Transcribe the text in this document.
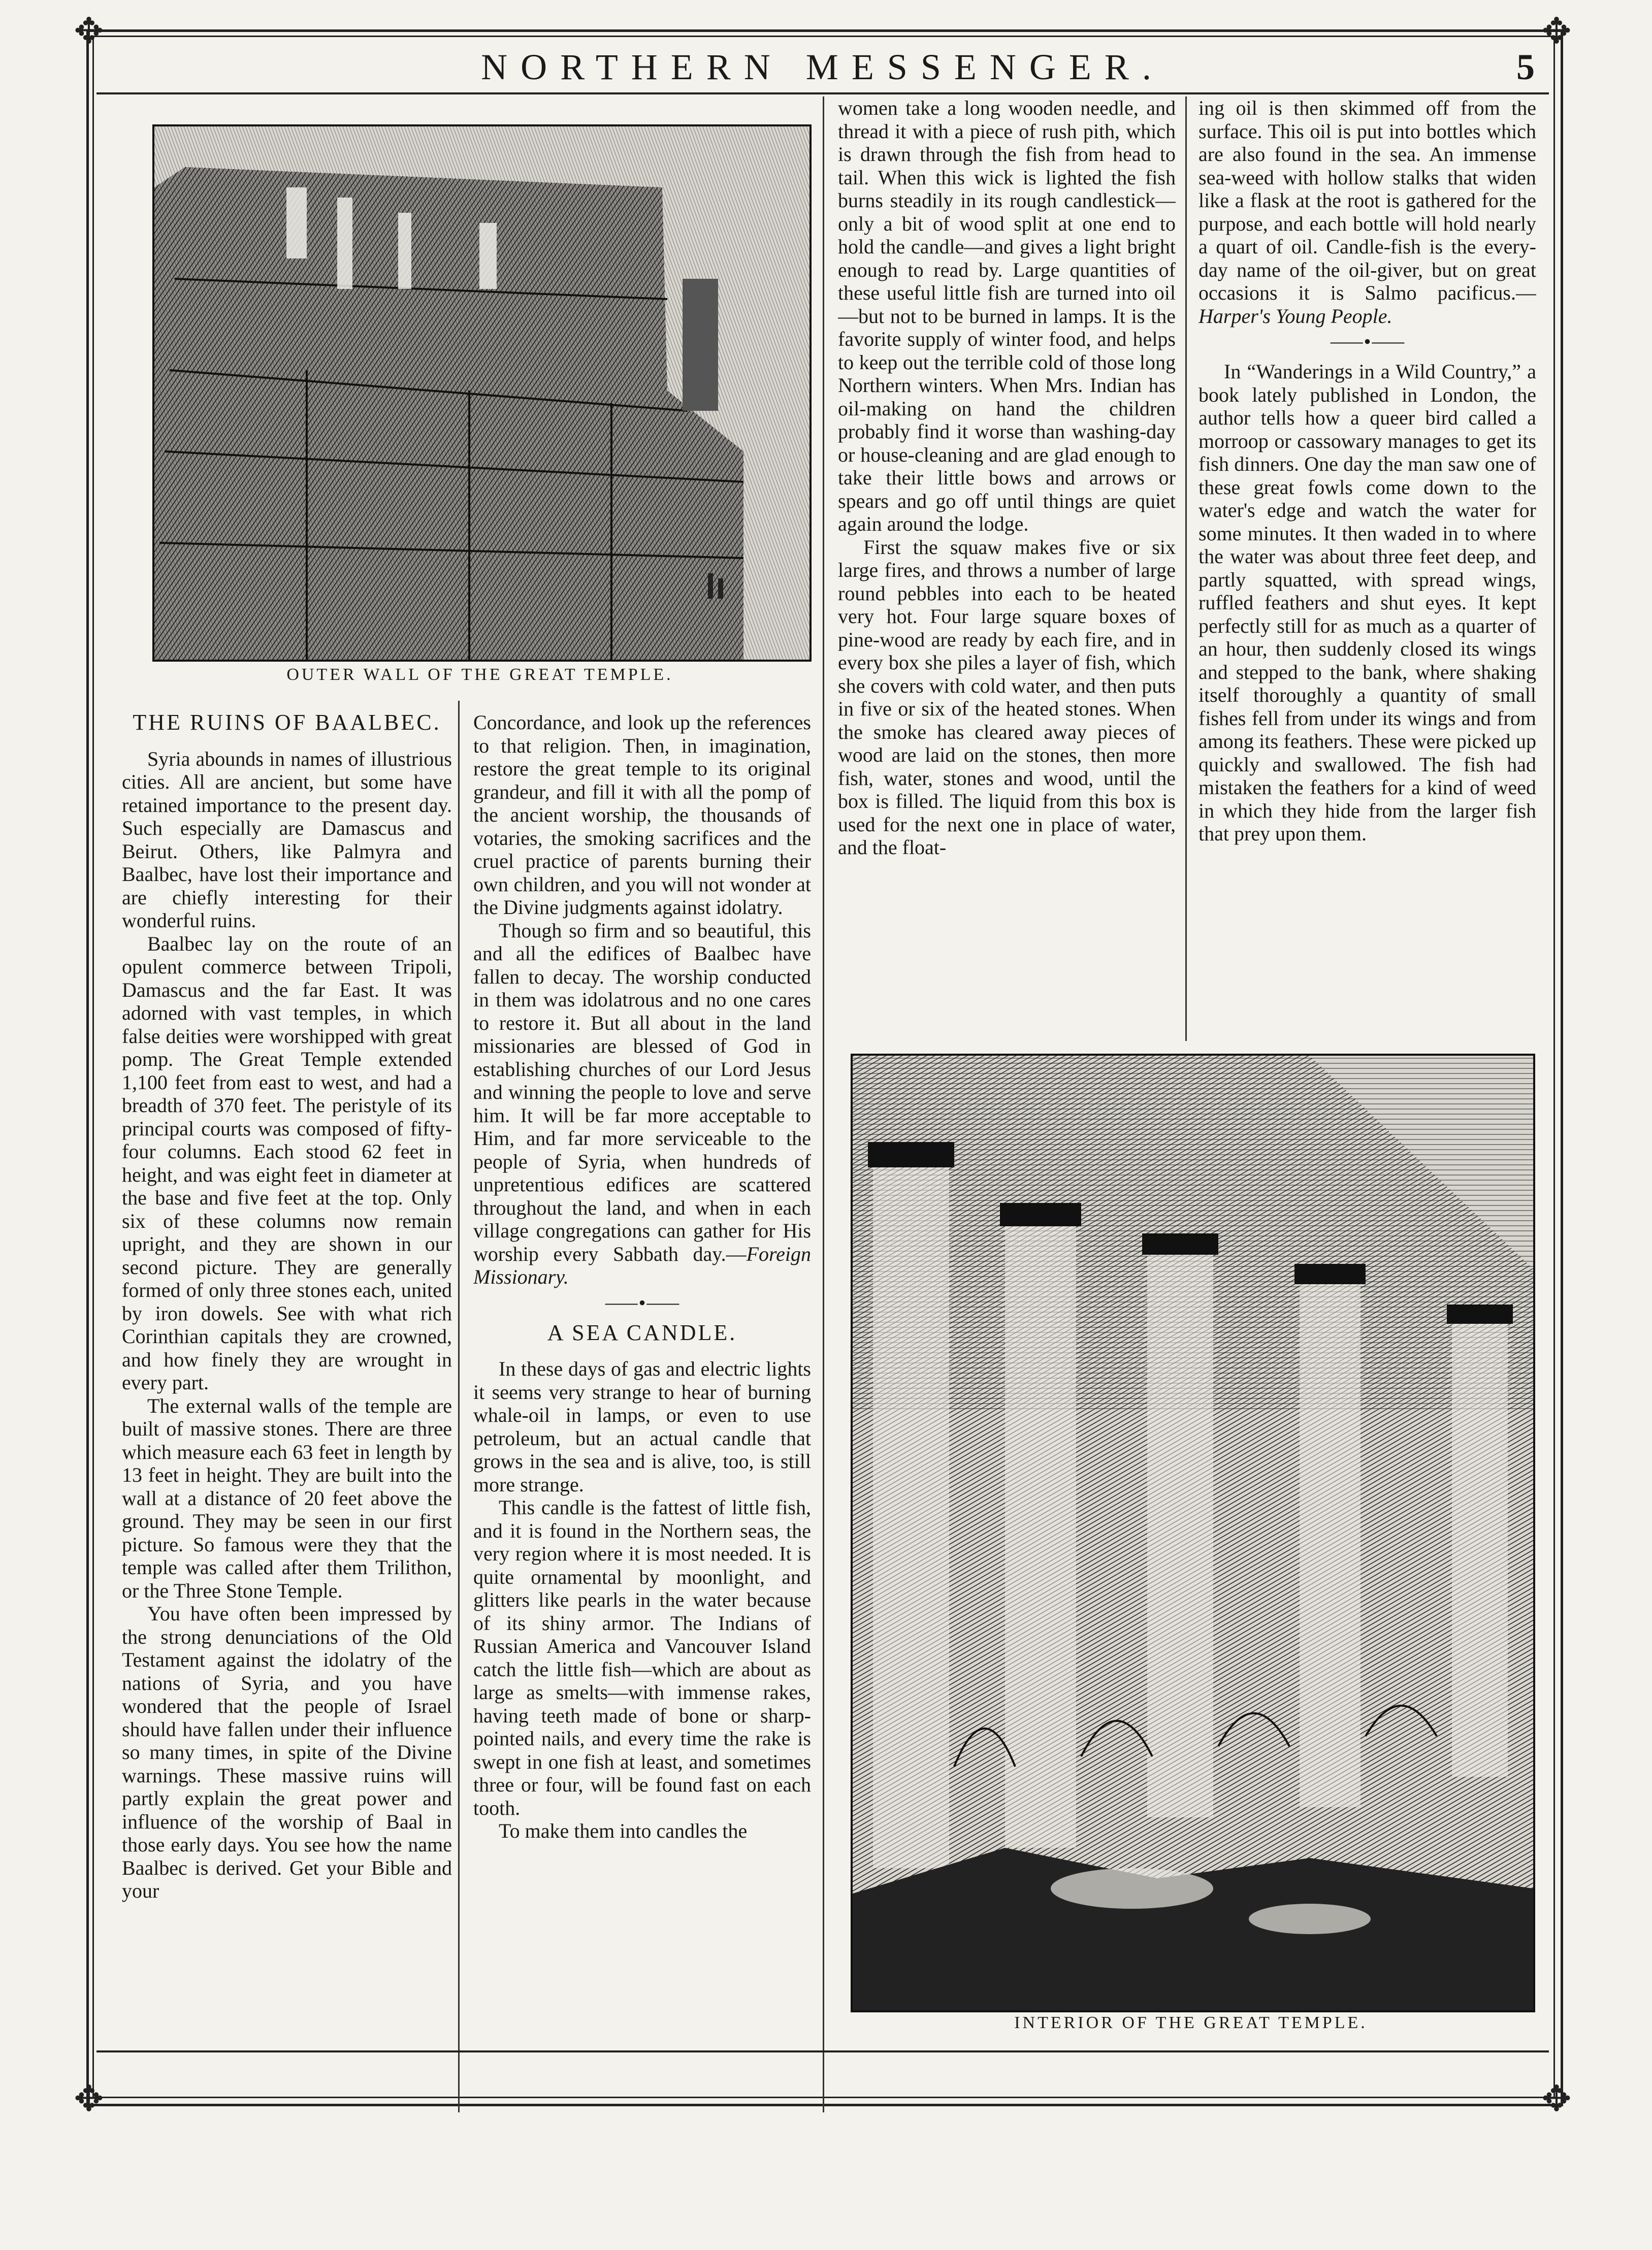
✥	✥
✥	✥
NORTHERN MESSENGER.	5
OUTER WALL OF THE GREAT TEMPLE.
INTERIOR OF THE GREAT TEMPLE.
THE RUINS OF BAALBEC.

Syria abounds in names of illustrious cities. All are ancient, but some have retained importance to the present day. Such especially are Damascus and Beirut. Others, like Palmyra and Baalbec, have lost their importance and are chiefly interesting for their wonderful ruins.

Baalbec lay on the route of an opulent commerce between Tripoli, Damascus and the far East. It was adorned with vast temples, in which false deities were worshipped with great pomp. The Great Temple extended 1,100 feet from east to west, and had a breadth of 370 feet. The peristyle of its principal courts was composed of fifty-four columns. Each stood 62 feet in height, and was eight feet in diameter at the base and five feet at the top. Only six of these columns now remain upright, and they are shown in our second picture. They are generally formed of only three stones each, united by iron dowels. See with what rich Corinthian capitals they are crowned, and how finely they are wrought in every part.

The external walls of the temple are built of massive stones. There are three which measure each 63 feet in length by 13 feet in height. They are built into the wall at a distance of 20 feet above the ground. They may be seen in our first picture. So famous were they that the temple was called after them Trilithon, or the Three Stone Temple.

You have often been impressed by the strong denunciations of the Old Testament against the idolatry of the nations of Syria, and you have wondered that the people of Israel should have fallen under their influence so many times, in spite of the Divine warnings. These massive ruins will partly explain the great power and influence of the worship of Baal in those early days. You see how the name Baalbec is derived. Get your Bible and your

Concordance, and look up the references to that religion. Then, in imagination, restore the great temple to its original grandeur, and fill it with all the pomp of the ancient worship, the thousands of votaries, the smoking sacrifices and the cruel practice of parents burning their own children, and you will not wonder at the Divine judgments against idolatry.

Though so firm and so beautiful, this and all the edifices of Baalbec have fallen to decay. The worship conducted in them was idolatrous and no one cares to restore it. But all about in the land missionaries are blessed of God in establishing churches of our Lord Jesus and winning the people to love and serve him. It will be far more acceptable to Him, and far more serviceable to the people of Syria, when hundreds of unpretentious edifices are scattered throughout the land, and when in each village congregations can gather for His worship every Sabbath day.—Foreign Missionary.

⸺•⸺
A SEA CANDLE.

In these days of gas and electric lights it seems very strange to hear of burning whale-oil in lamps, or even to use petroleum, but an actual candle that grows in the sea and is alive, too, is still more strange.

This candle is the fattest of little fish, and it is found in the Northern seas, the very region where it is most needed. It is quite ornamental by moonlight, and glitters like pearls in the water because of its shiny armor. The Indians of Russian America and Vancouver Island catch the little fish—which are about as large as smelts—with immense rakes, having teeth made of bone or sharp-pointed nails, and every time the rake is swept in one fish at least, and sometimes three or four, will be found fast on each tooth.

To make them into candles the

women take a long wooden needle, and thread it with a piece of rush pith, which is drawn through the fish from head to tail. When this wick is lighted the fish burns steadily in its rough candlestick—only a bit of wood split at one end to hold the candle—and gives a light bright enough to read by. Large quantities of these useful little fish are turned into oil—but not to be burned in lamps. It is the favorite supply of winter food, and helps to keep out the terrible cold of those long Northern winters. When Mrs. Indian has oil-making on hand the children probably find it worse than washing-day or house-cleaning and are glad enough to take their little bows and arrows or spears and go off until things are quiet again around the lodge.

First the squaw makes five or six large fires, and throws a number of large round pebbles into each to be heated very hot. Four large square boxes of pine-wood are ready by each fire, and in every box she piles a layer of fish, which she covers with cold water, and then puts in five or six of the heated stones. When the smoke has cleared away pieces of wood are laid on the stones, then more fish, water, stones and wood, until the box is filled. The liquid from this box is used for the next one in place of water, and the float-

ing oil is then skimmed off from the surface. This oil is put into bottles which are also found in the sea. An immense sea-weed with hollow stalks that widen like a flask at the root is gathered for the purpose, and each bottle will hold nearly a quart of oil. Candle-fish is the every-day name of the oil-giver, but on great occasions it is Salmo pacificus.—Harper's Young People.

⸺•⸺

In “Wanderings in a Wild Country,” a book lately published in London, the author tells how a queer bird called a morroop or cassowary manages to get its fish dinners. One day the man saw one of these great fowls come down to the water's edge and watch the water for some minutes. It then waded in to where the water was about three feet deep, and partly squatted, with spread wings, ruffled feathers and shut eyes. It kept perfectly still for as much as a quarter of an hour, then suddenly closed its wings and stepped to the bank, where shaking itself thoroughly a quantity of small fishes fell from under its wings and from among its feathers. These were picked up quickly and swallowed. The fish had mistaken the feathers for a kind of weed in which they hide from the larger fish that prey upon them.
